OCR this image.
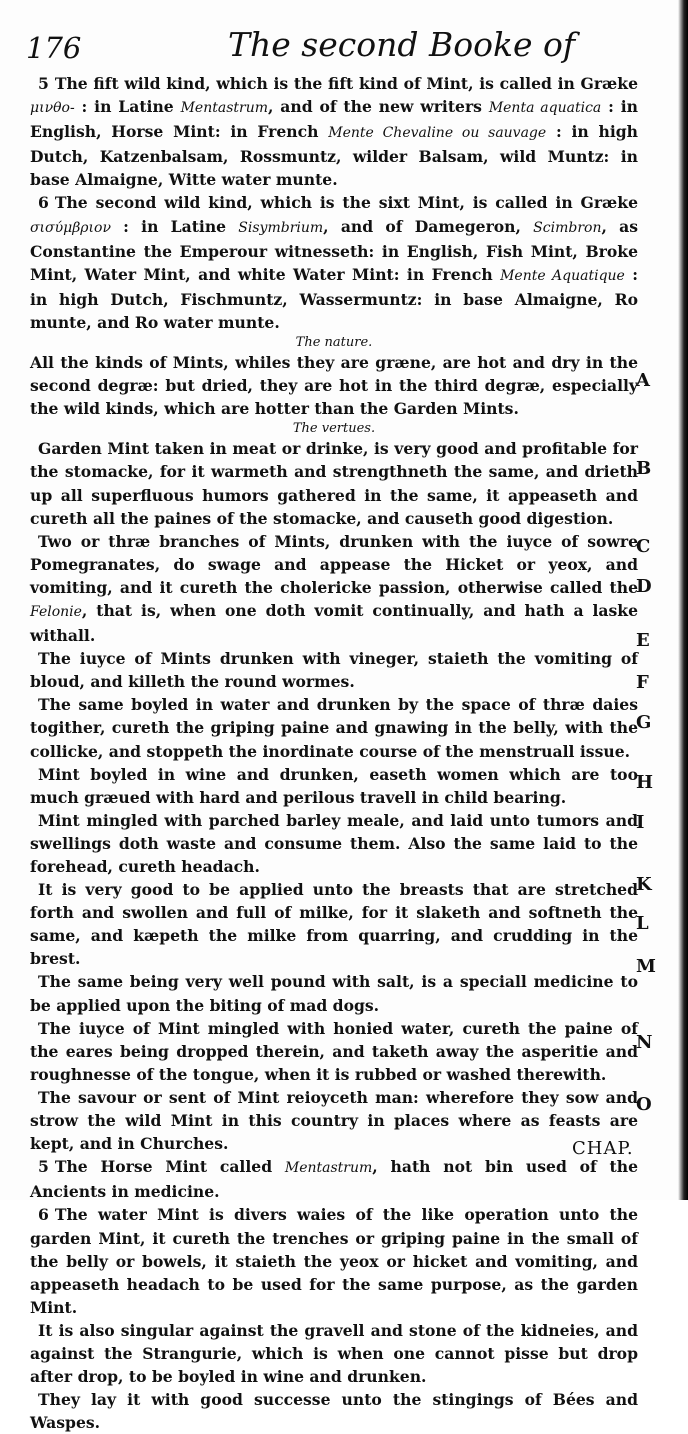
176	The second Booke of

5 The fift wild kind, which is the fift kind of Mint, is called in Græke μινθο- : in Latine Mentastrum, and of the new writers Menta aquatica : in English, Horse Mint: in French Mente Chevaline ou sauvage : in high Dutch, Katzenbalsam, Rossmuntz, wilder Balsam, wild Muntz: in base Almaigne, Witte water munte.

6 The second wild kind, which is the sixt Mint, is called in Græke σισύμβριον : in Latine Sisymbrium, and of Damegeron, Scimbron, as Constantine the Emperour witnesseth: in English, Fish Mint, Broke Mint, Water Mint, and white Water Mint: in French Mente Aquatique : in high Dutch, Fischmuntz, Wassermuntz: in base Almaigne, Ro munte, and Ro water munte.

The nature.

All the kinds of Mints, whiles they are græne, are hot and dry in the second degræ: but dried, they are hot in the third degræ, especially the wild kinds, which are hotter than the Garden Mints.

The vertues.

Garden Mint taken in meat or drinke, is very good and profitable for the stomacke, for it warmeth and strengthneth the same, and drieth up all superfluous humors gathered in the same, it appeaseth and cureth all the paines of the stomacke, and causeth good digestion.

Two or thræ branches of Mints, drunken with the iuyce of sowre Pomegranates, do swage and appease the Hicket or yeox, and vomiting, and it cureth the cholericke passion, otherwise called the Felonie, that is, when one doth vomit continually, and hath a laske withall.

The iuyce of Mints drunken with vineger, staieth the vomiting of bloud, and killeth the round wormes.

The same boyled in water and drunken by the space of thræ daies togither, cureth the griping paine and gnawing in the belly, with the collicke, and stoppeth the inordinate course of the menstruall issue.

Mint boyled in wine and drunken, easeth women which are too much græued with hard and perilous travell in child bearing.

Mint mingled with parched barley meale, and laid unto tumors and swellings doth waste and consume them. Also the same laid to the forehead, cureth headach.

It is very good to be applied unto the breasts that are stretched forth and swollen and full of milke, for it slaketh and softneth the same, and kæpeth the milke from quarring, and crudding in the brest.

The same being very well pound with salt, is a speciall medicine to be applied upon the biting of mad dogs.

The iuyce of Mint mingled with honied water, cureth the paine of the eares being dropped therein, and taketh away the asperitie and roughnesse of the tongue, when it is rubbed or washed therewith.

The savour or sent of Mint reioyceth man: wherefore they sow and strow the wild Mint in this country in places where as feasts are kept, and in Churches.

5 The Horse Mint called Mentastrum, hath not bin used of the Ancients in medicine.

6 The water Mint is divers waies of the like operation unto the garden Mint, it cureth the trenches or griping paine in the small of the belly or bowels, it staieth the yeox or hicket and vomiting, and appeaseth headach to be used for the same purpose, as the garden Mint.

It is also singular against the gravell and stone of the kidneies, and against the Strangurie, which is when one cannot pisse but drop after drop, to be boyled in wine and drunken.

They lay it with good successe unto the stingings of Bées and Waspes.

A
B
C
D
E
F
G
H
I
K
L
M
N
O
CHAP.
